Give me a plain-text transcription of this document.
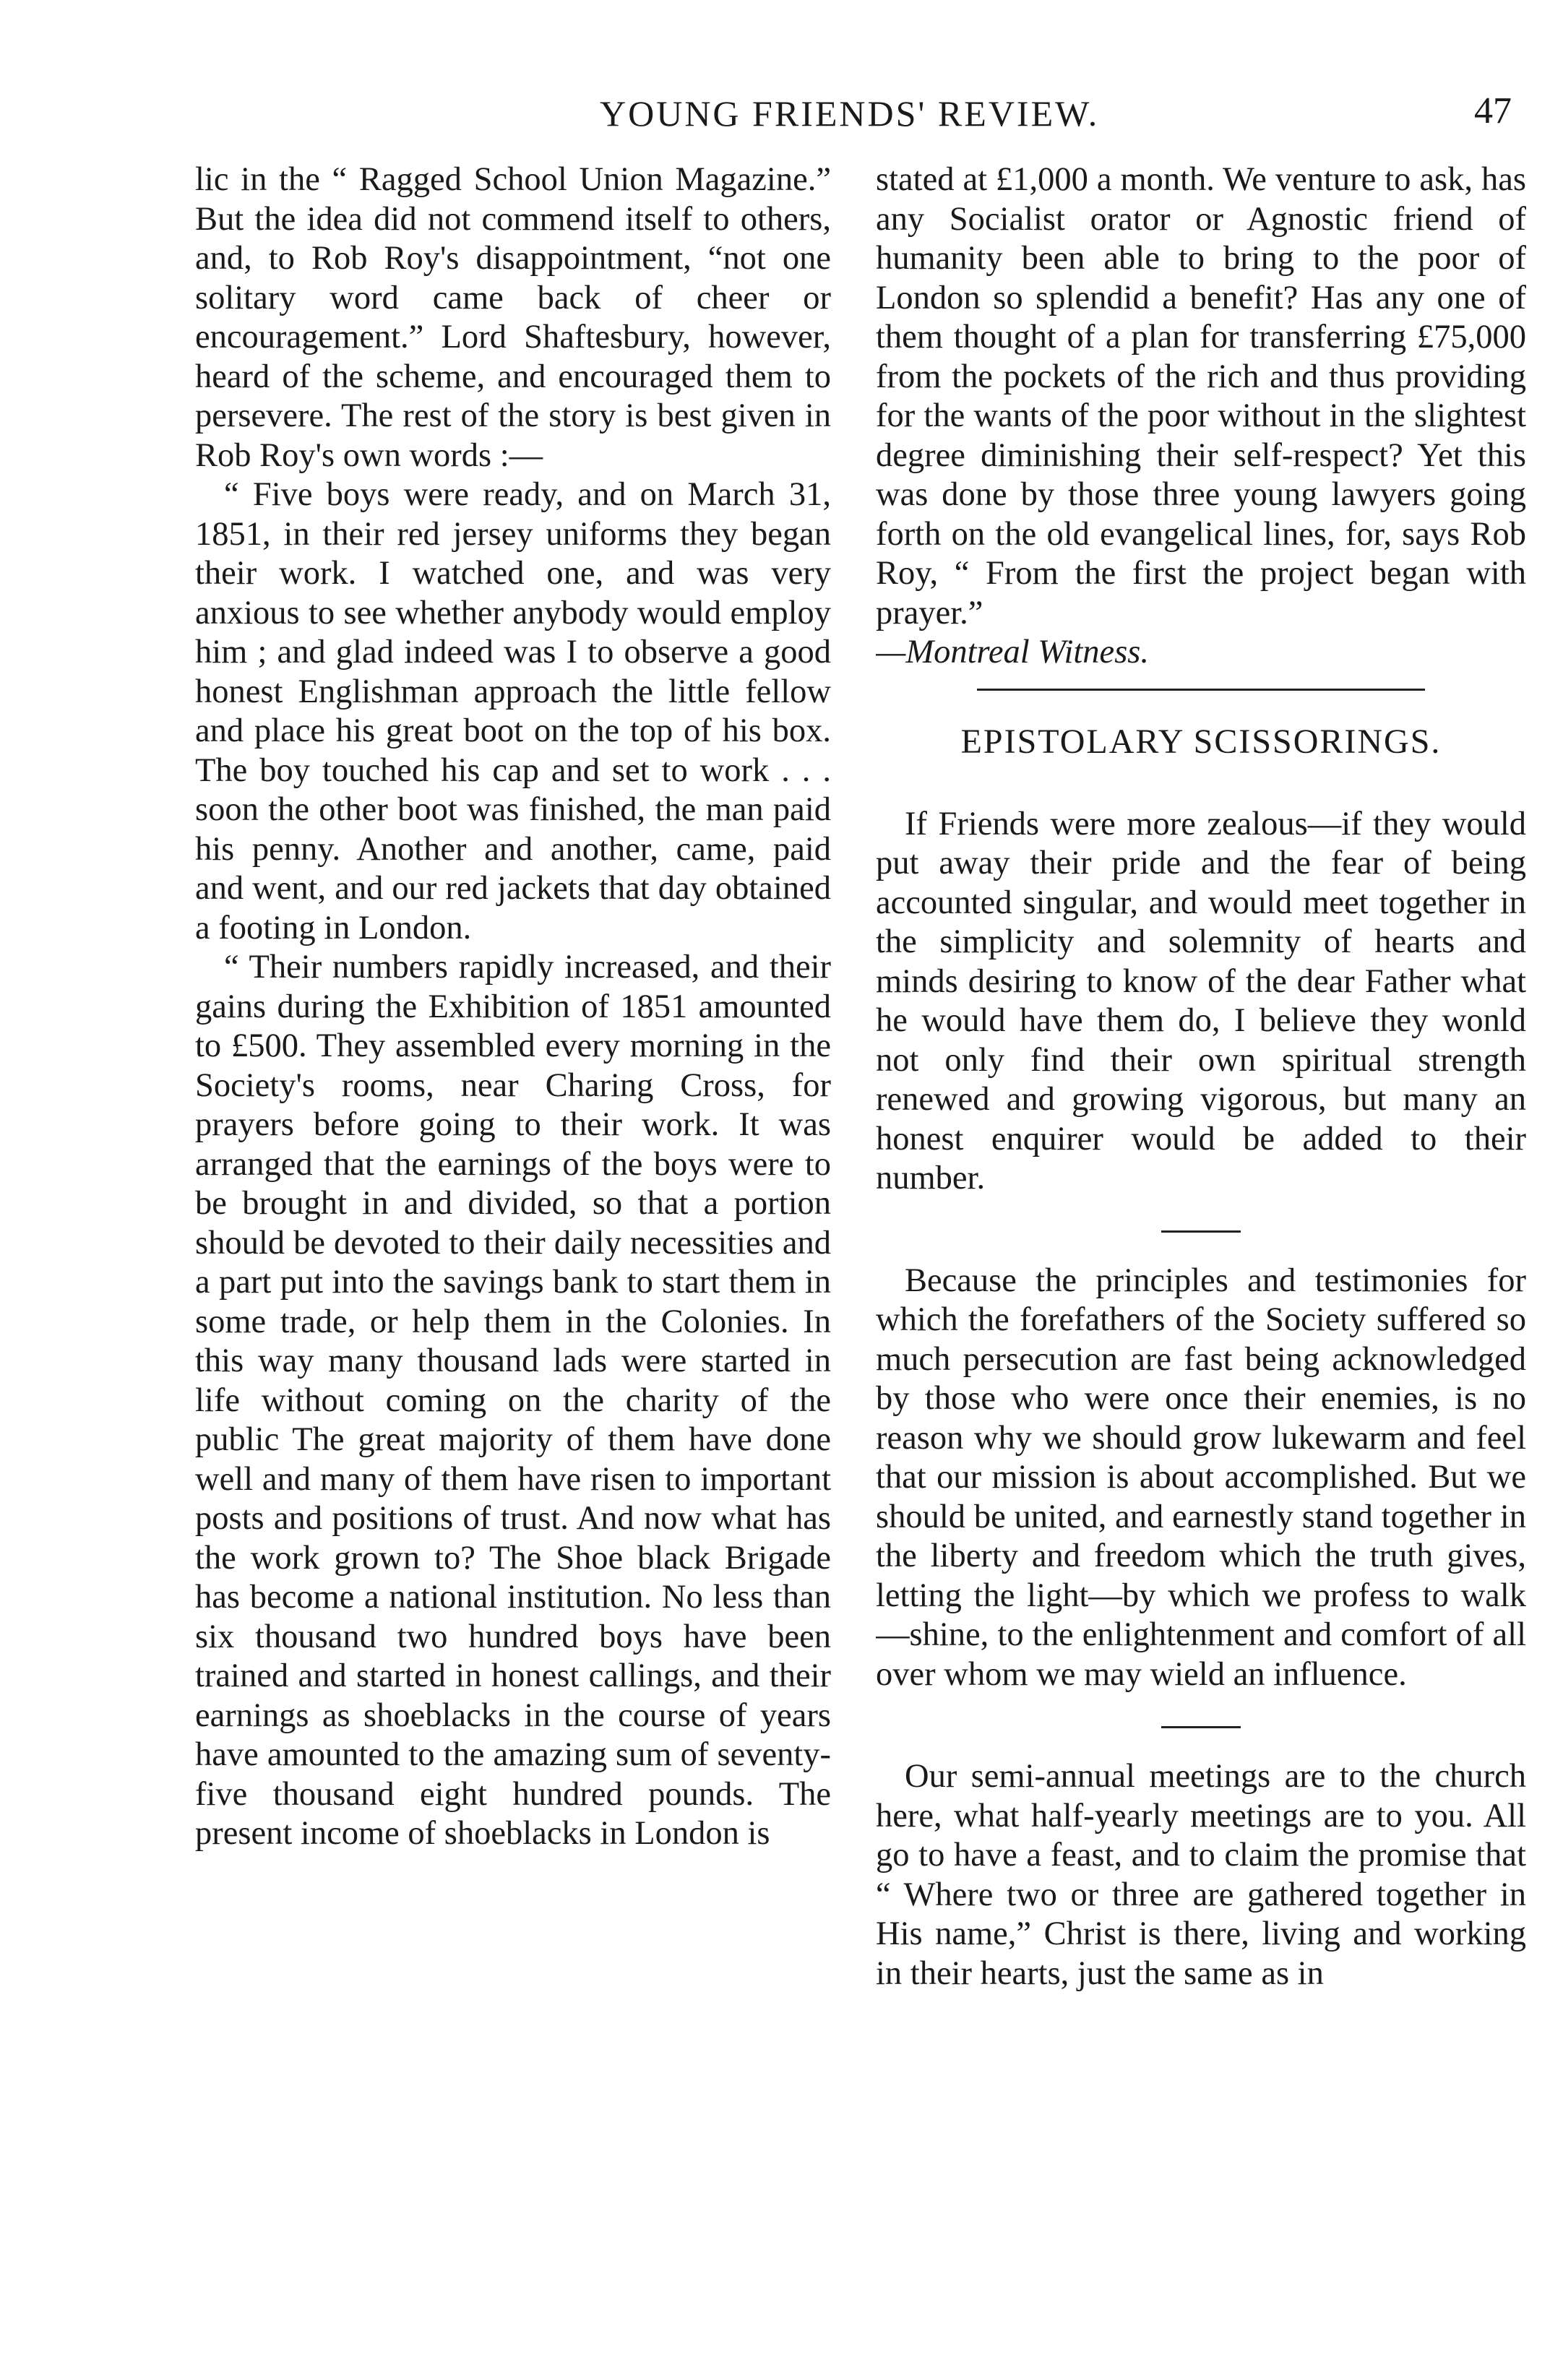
YOUNG FRIENDS' REVIEW.	47

lic in the “ Ragged School Union Magazine.” But the idea did not commend itself to others, and, to Rob Roy's disappointment, “not one solitary word came back of cheer or encouragement.” Lord Shaftesbury, however, heard of the scheme, and encouraged them to persevere. The rest of the story is best given in Rob Roy's own words :—

“ Five boys were ready, and on March 31, 1851, in their red jersey uniforms they began their work. I watched one, and was very anxious to see whether anybody would employ him ; and glad indeed was I to observe a good honest Englishman approach the little fellow and place his great boot on the top of his box. The boy touched his cap and set to work . . . soon the other boot was finished, the man paid his penny. Another and another, came, paid and went, and our red jackets that day obtained a footing in London.

“ Their numbers rapidly increased, and their gains during the Exhibition of 1851 amounted to £500. They assembled every morning in the Society's rooms, near Charing Cross, for prayers before going to their work. It was arranged that the earnings of the boys were to be brought in and divided, so that a portion should be devoted to their daily necessities and a part put into the savings bank to start them in some trade, or help them in the Colonies. In this way many thousand lads were started in life without coming on the charity of the public The great majority of them have done well and many of them have risen to important posts and positions of trust. And now what has the work grown to? The Shoe black Brigade has become a national institution. No less than six thousand two hundred boys have been trained and started in honest callings, and their earnings as shoeblacks in the course of years have amounted to the amazing sum of seventy-five thousand eight hundred pounds. The present income of shoeblacks in London is

stated at £1,000 a month. We venture to ask, has any Socialist orator or Agnostic friend of humanity been able to bring to the poor of London so splendid a benefit? Has any one of them thought of a plan for transferring £75,000 from the pockets of the rich and thus providing for the wants of the poor without in the slightest degree diminishing their self-respect? Yet this was done by those three young lawyers going forth on the old evangelical lines, for, says Rob Roy, “ From the first the project began with prayer.”

—Montreal Witness.

EPISTOLARY SCISSORINGS.

If Friends were more zealous—if they would put away their pride and the fear of being accounted singular, and would meet together in the simplicity and solemnity of hearts and minds desiring to know of the dear Father what he would have them do, I believe they wonld not only find their own spiritual strength renewed and growing vigorous, but many an honest enquirer would be added to their number.

Because the principles and testimonies for which the forefathers of the Society suffered so much persecution are fast being acknowledged by those who were once their enemies, is no reason why we should grow lukewarm and feel that our mission is about accomplished. But we should be united, and earnestly stand together in the liberty and freedom which the truth gives, letting the light—by which we profess to walk—shine, to the enlightenment and comfort of all over whom we may wield an influence.

Our semi-annual meetings are to the church here, what half-yearly meetings are to you. All go to have a feast, and to claim the promise that “ Where two or three are gathered together in His name,” Christ is there, living and working in their hearts, just the same as in
